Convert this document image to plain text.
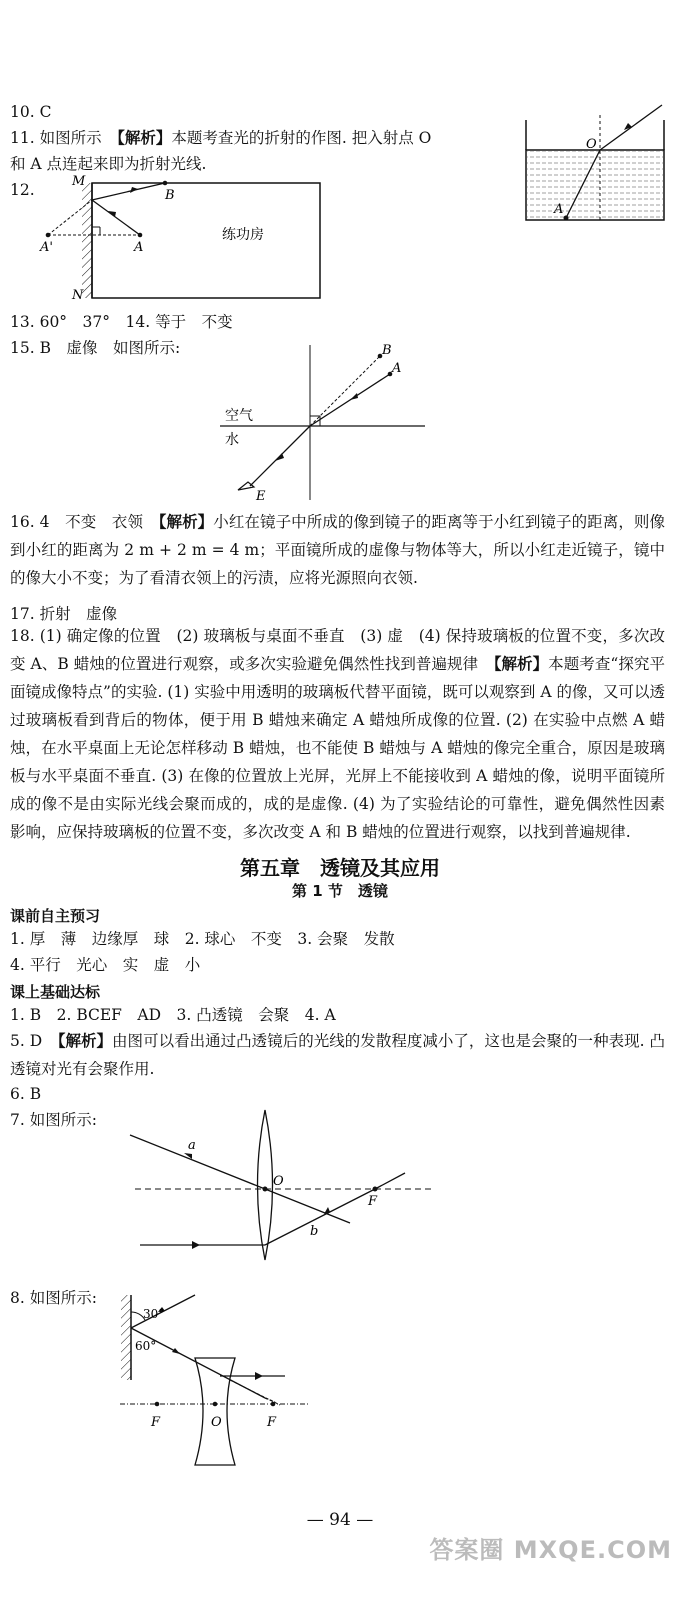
10. C
11. 如图所示　 【解析】本题考查光的折射的作图. 把入射点 O
和 A 点连起来即为折射光线.
O
A
12.	M
N
B
A'	A
练功房
13. 60°　37°　14. 等于　不变
15. B　虚像　如图所示:	B
A
空气
水
E
16. 4　不变　衣领　 【解析】小红在镜子中所成的像到镜子的距离等于小红到镜子的距离，则像到小红的距离为 2 m + 2 m = 4 m；平面镜所成的虚像与物体等大，所以小红走近镜子，镜中的像大小不变；为了看清衣领上的污渍，应将光源照向衣领.
17. 折射　虚像
18. (1) 确定像的位置　(2) 玻璃板与桌面不垂直　(3) 虚　(4) 保持玻璃板的位置不变，多次改变 A、B 蜡烛的位置进行观察，或多次实验避免偶然性找到普遍规律　【解析】本题考查“探究平面镜成像特点”的实验. (1) 实验中用透明的玻璃板代替平面镜，既可以观察到 A 的像，又可以透过玻璃板看到背后的物体，便于用 B 蜡烛来确定 A 蜡烛所成像的位置. (2) 在实验中点燃 A 蜡烛，在水平桌面上无论怎样移动 B 蜡烛，也不能使 B 蜡烛与 A 蜡烛的像完全重合，原因是玻璃板与水平桌面不垂直. (3) 在像的位置放上光屏，光屏上不能接收到 A 蜡烛的像，说明平面镜所成的像不是由实际光线会聚而成的，成的是虚像. (4) 为了实验结论的可靠性，避免偶然性因素影响，应保持玻璃板的位置不变，多次改变 A 和 B 蜡烛的位置进行观察，以找到普遍规律.
第五章　透镜及其应用
第 1 节　透镜
课前自主预习
1. 厚　薄　边缘厚　球　2. 球心　不变　3. 会聚　发散
4. 平行　光心　实　虚　小
课上基础达标
1. B　2. BCEF　AD　3. 凸透镜　会聚　4. A
5. D　【解析】由图可以看出通过凸透镜后的光线的发散程度减小了，这也是会聚的一种表现. 凸透镜对光有会聚作用.
6. B
7. 如图所示:
a
O
F
b
8. 如图所示:
30°
60°
F	O	F
— 94 —
答案圈 MXQE.COM
